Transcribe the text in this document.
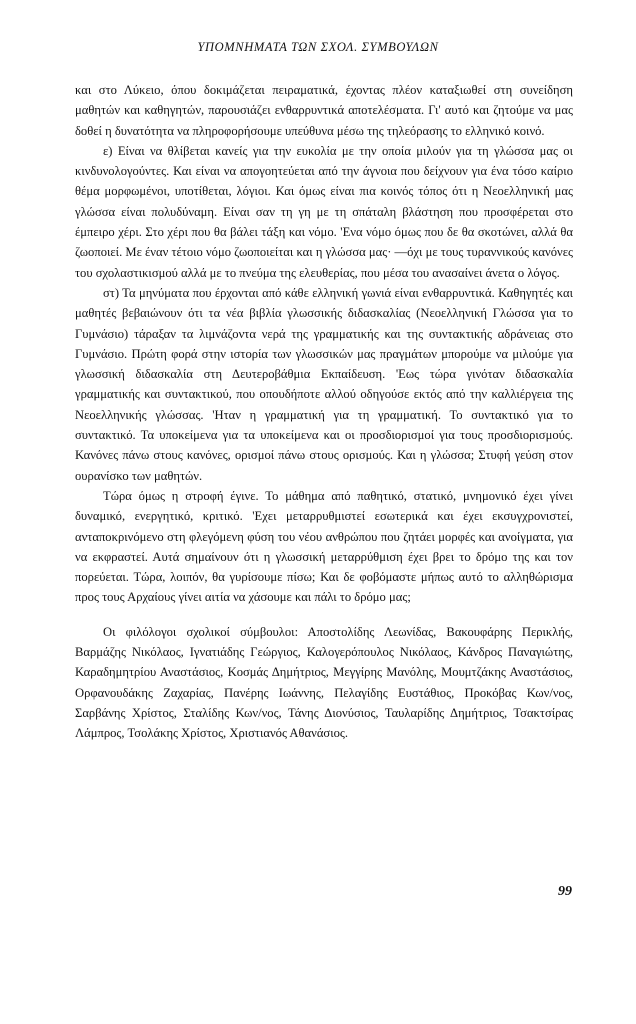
ΥΠΟΜΝΗΜΑΤΑ ΤΩΝ ΣΧΟΛ. ΣΥΜΒΟΥΛΩΝ

και στο Λύκειο, όπου δοκιμάζεται πειραματικά, έχοντας πλέον καταξιωθεί στη συνείδηση μαθητών και καθηγητών, παρουσιάζει ενθαρρυντικά αποτελέσματα. Γι' αυτό και ζητούμε να μας δοθεί η δυνατότητα να πληροφορήσουμε υπεύθυνα μέσω της τηλεόρασης το ελληνικό κοινό.

ε) Είναι να θλίβεται κανείς για την ευκολία με την οποία μιλούν για τη γλώσσα μας οι κινδυνολογούντες. Και είναι να απογοητεύεται από την άγνοια που δείχνουν για ένα τόσο καίριο θέμα μορφωμένοι, υποτίθεται, λόγιοι. Και όμως είναι πια κοινός τόπος ότι η Νεοελληνική μας γλώσσα είναι πολυδύναμη. Είναι σαν τη γη με τη σπάταλη βλάστηση που προσφέρεται στο έμπειρο χέρι. Στο χέρι που θα βάλει τάξη και νόμο. 'Ενα νόμο όμως που δε θα σκοτώνει, αλλά θα ζωοποιεί. Με έναν τέτοιο νόμο ζωοποιείται και η γλώσσα μας· —όχι με τους τυραννικούς κανόνες του σχολαστικισμού αλλά με το πνεύμα της ελευθερίας, που μέσα του ανασαίνει άνετα ο λόγος.

στ) Τα μηνύματα που έρχονται από κάθε ελληνική γωνιά είναι ενθαρρυντικά. Καθηγητές και μαθητές βεβαιώνουν ότι τα νέα βιβλία γλωσσικής διδασκαλίας (Νεοελληνική Γλώσσα για το Γυμνάσιο) τάραξαν τα λιμνάζοντα νερά της γραμματικής και της συντακτικής αδράνειας στο Γυμνάσιο. Πρώτη φορά στην ιστορία των γλωσσικών μας πραγμάτων μπορούμε να μιλούμε για γλωσσική διδασκαλία στη Δευτεροβάθμια Εκπαίδευση. 'Εως τώρα γινόταν διδασκαλία γραμματικής και συντακτικού, που οπουδήποτε αλλού οδηγούσε εκτός από την καλλιέργεια της Νεοελληνικής γλώσσας. 'Ηταν η γραμματική για τη γραμματική. Το συντακτικό για το συντακτικό. Τα υποκείμενα για τα υποκείμενα και οι προσδιορισμοί για τους προσδιορισμούς. Κανόνες πάνω στους κανόνες, ορισμοί πάνω στους ορισμούς. Και η γλώσσα; Στυφή γεύση στον ουρανίσκο των μαθητών.

Τώρα όμως η στροφή έγινε. Το μάθημα από παθητικό, στατικό, μνημονικό έχει γίνει δυναμικό, ενεργητικό, κριτικό. 'Εχει μεταρρυθμιστεί εσωτερικά και έχει εκσυγχρονιστεί, ανταποκρινόμενο στη φλεγόμενη φύση του νέου ανθρώπου που ζητάει μορφές και ανοίγματα, για να εκφραστεί. Αυτά σημαίνουν ότι η γλωσσική μεταρρύθμιση έχει βρει το δρόμο της και τον πορεύεται. Τώρα, λοιπόν, θα γυρίσουμε πίσω; Και δε φοβόμαστε μήπως αυτό το αλληθώρισμα προς τους Αρχαίους γίνει αιτία να χάσουμε και πάλι το δρόμο μας;

Οι φιλόλογοι σχολικοί σύμβουλοι: Αποστολίδης Λεωνίδας, Βακουφάρης Περικλής, Βαρμάζης Νικόλαος, Ιγνατιάδης Γεώργιος, Καλογερόπουλος Νικόλαος, Κάνδρος Παναγιώτης, Καραδημητρίου Αναστάσιος, Κοσμάς Δημήτριος, Μεγγίρης Μανόλης, Μουμτζάκης Αναστάσιος, Ορφανουδάκης Ζαχαρίας, Πανέρης Ιωάννης, Πελαγίδης Ευστάθιος, Προκόβας Κων/νος, Σαρβάνης Χρίστος, Σταλίδης Κων/νος, Τάνης Διονύσιος, Ταυλαρίδης Δημήτριος, Τσακτσίρας Λάμπρος, Τσολάκης Χρίστος, Χριστιανός Αθανάσιος.

99
